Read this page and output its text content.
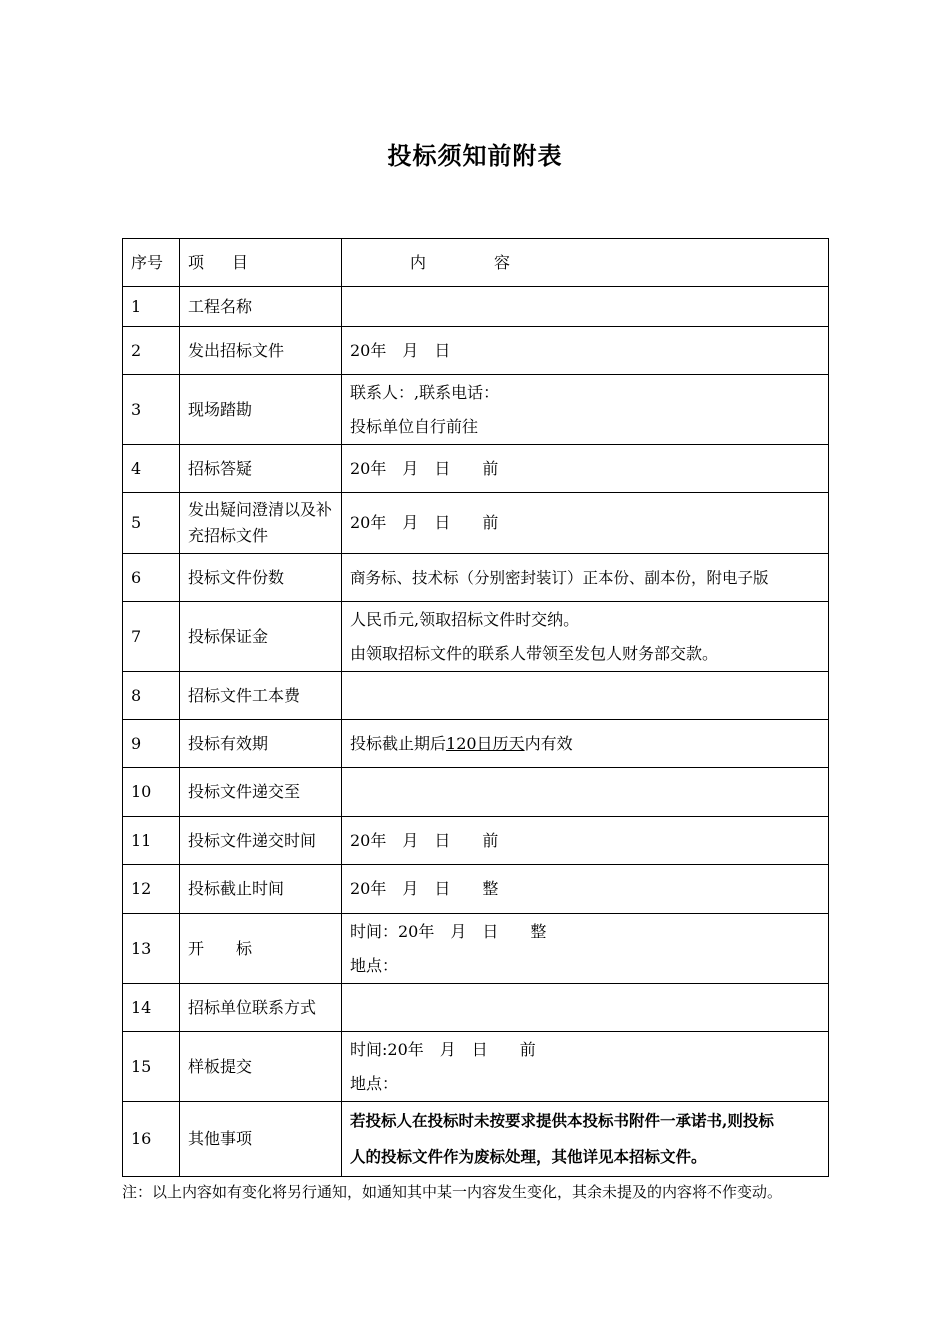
投标须知前附表
序号	项 目	内 容
1	工程名称	
2	发出招标文件	20年　月　日
3	现场踏勘	联系人：,联系电话：
投标单位自行前往

4	招标答疑	20年　月　日　　前
5	发出疑问澄清以及补充招标文件	20年　月　日　　前
6	投标文件份数	商务标、技术标（分别密封装订）正本份、副本份，附电子版
7	投标保证金	人民币元,领取招标文件时交纳。
由领取招标文件的联系人带领至发包人财务部交款。

8	招标文件工本费	
9	投标有效期	投标截止期后120日历天内有效
10	投标文件递交至	
11	投标文件递交时间	20年　月　日　　前
12	投标截止时间	20年　月　日　　整
13	开　　标	时间：20年　月　日　　整
地点：

14	招标单位联系方式	
15	样板提交	时间:20年　月　日　　前
地点：

16	其他事项	若投标人在投标时未按要求提供本投标书附件一承诺书,则投标
人的投标文件作为废标处理，其他详见本招标文件。
注：以上内容如有变化将另行通知，如通知其中某一内容发生变化，其余未提及的内容将不作变动。
